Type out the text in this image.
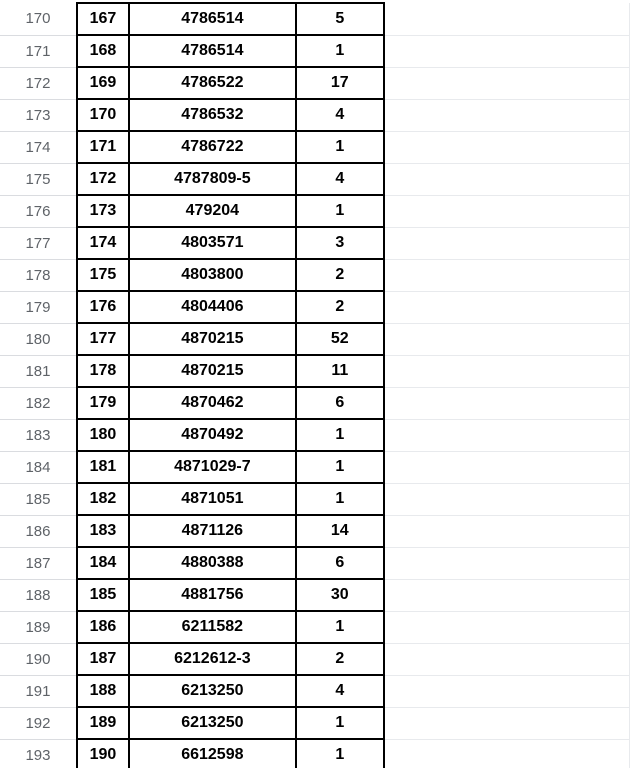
170	167	4786514	5	
171	168	4786514	1	
172	169	4786522	17	
173	170	4786532	4	
174	171	4786722	1	
175	172	4787809-5	4	
176	173	479204	1	
177	174	4803571	3	
178	175	4803800	2	
179	176	4804406	2	
180	177	4870215	52	
181	178	4870215	11	
182	179	4870462	6	
183	180	4870492	1	
184	181	4871029-7	1	
185	182	4871051	1	
186	183	4871126	14	
187	184	4880388	6	
188	185	4881756	30	
189	186	6211582	1	
190	187	6212612-3	2	
191	188	6213250	4	
192	189	6213250	1	
193	190	6612598	1	
